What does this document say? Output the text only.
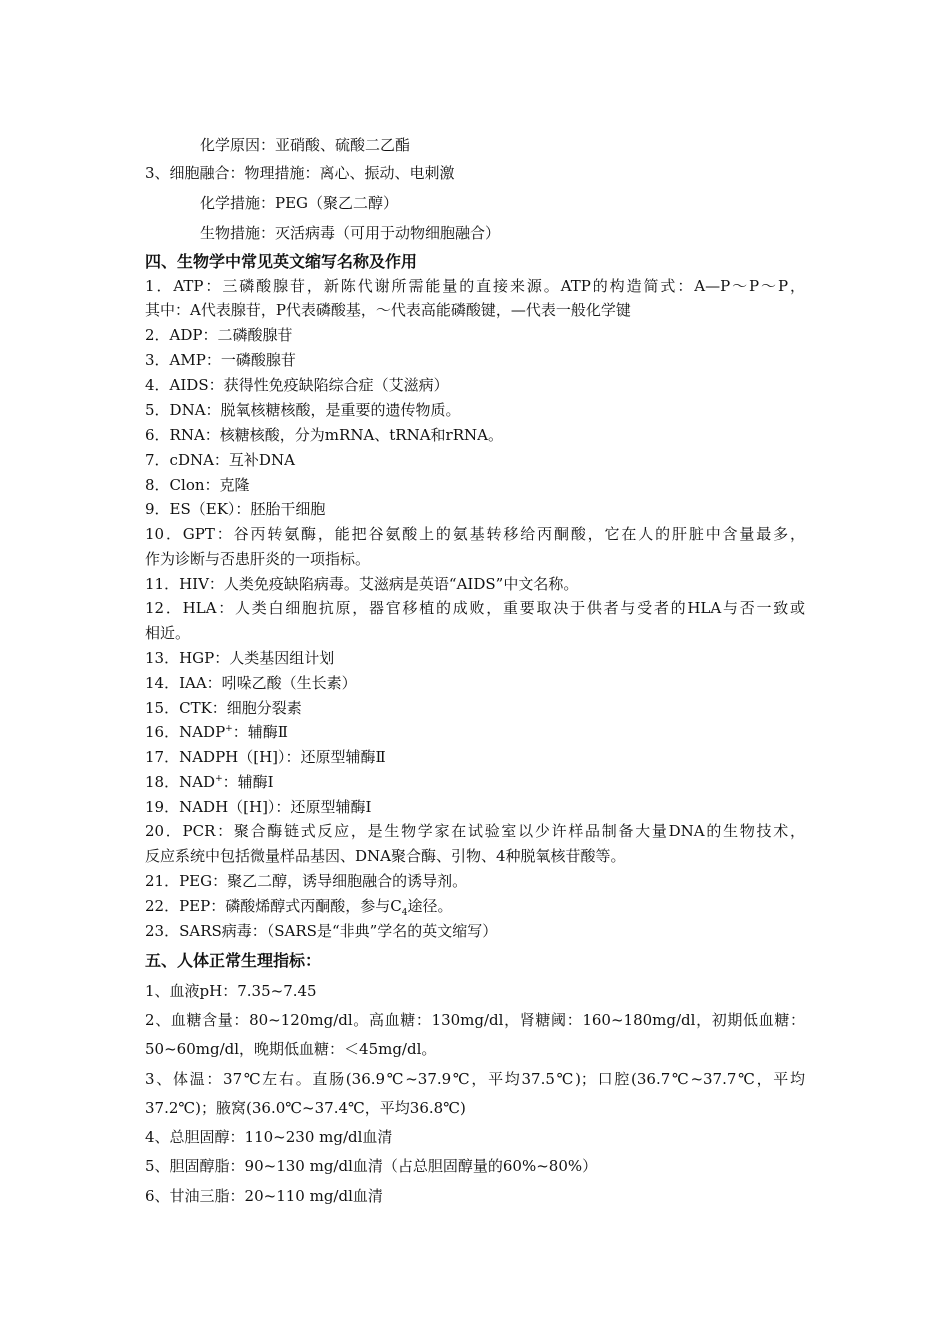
化学原因：亚硝酸、硫酸二乙酯
3、细胞融合：物理措施：离心、振动、电刺激
化学措施：PEG（聚乙二醇）
生物措施：灭活病毒（可用于动物细胞融合）
四、生物学中常见英文缩写名称及作用
1．ATP：三磷酸腺苷，新陈代谢所需能量的直接来源。ATP的构造简式：A—P～P～P，
其中：A代表腺苷，P代表磷酸基，～代表高能磷酸键，—代表一般化学键
2．ADP：二磷酸腺苷
3．AMP：一磷酸腺苷
4．AIDS：获得性免疫缺陷综合症（艾滋病）
5．DNA：脱氧核糖核酸，是重要的遗传物质。
6．RNA：核糖核酸，分为mRNA、tRNA和rRNA。
7．cDNA：互补DNA
8．Clon：克隆
9．ES（EK）：胚胎干细胞
10．GPT：谷丙转氨酶，能把谷氨酸上的氨基转移给丙酮酸，它在人的肝脏中含量最多，
作为诊断与否患肝炎的一项指标。
11．HIV：人类免疫缺陷病毒。艾滋病是英语“AIDS”中文名称。
12．HLA：人类白细胞抗原，器官移植的成败，重要取决于供者与受者的HLA与否一致或
相近。
13．HGP：人类基因组计划
14．IAA：吲哚乙酸（生长素）
15．CTK：细胞分裂素
16．NADP+：辅酶Ⅱ
17．NADPH（[H]）：还原型辅酶Ⅱ
18．NAD+：辅酶Ⅰ
19．NADH（[H]）：还原型辅酶Ⅰ
20．PCR：聚合酶链式反应，是生物学家在试验室以少许样品制备大量DNA的生物技术，
反应系统中包括微量样品基因、DNA聚合酶、引物、4种脱氧核苷酸等。
21．PEG：聚乙二醇，诱导细胞融合的诱导剂。
22．PEP：磷酸烯醇式丙酮酸，参与$C_4$途径。
23．SARS病毒：（SARS是“非典”学名的英文缩写）
五、人体正常生理指标：
1、血液pH：7.35~7.45
2、血糖含量：80~120mg/dl。高血糖：130mg/dl，肾糖阈：160~180mg/dl，初期低血糖：
50~60mg/dl，晚期低血糖：＜45mg/dl。
3、体温：37℃左右。直肠(36.9℃~37.9℃，平均37.5℃)；口腔(36.7℃~37.7℃，平均
37.2℃)；腋窝(36.0℃~37.4℃，平均36.8℃)
4、总胆固醇：110~230 mg/dl血清
5、胆固醇脂：90~130 mg/dl血清（占总胆固醇量的60%~80%）
6、甘油三脂：20~110 mg/dl血清
